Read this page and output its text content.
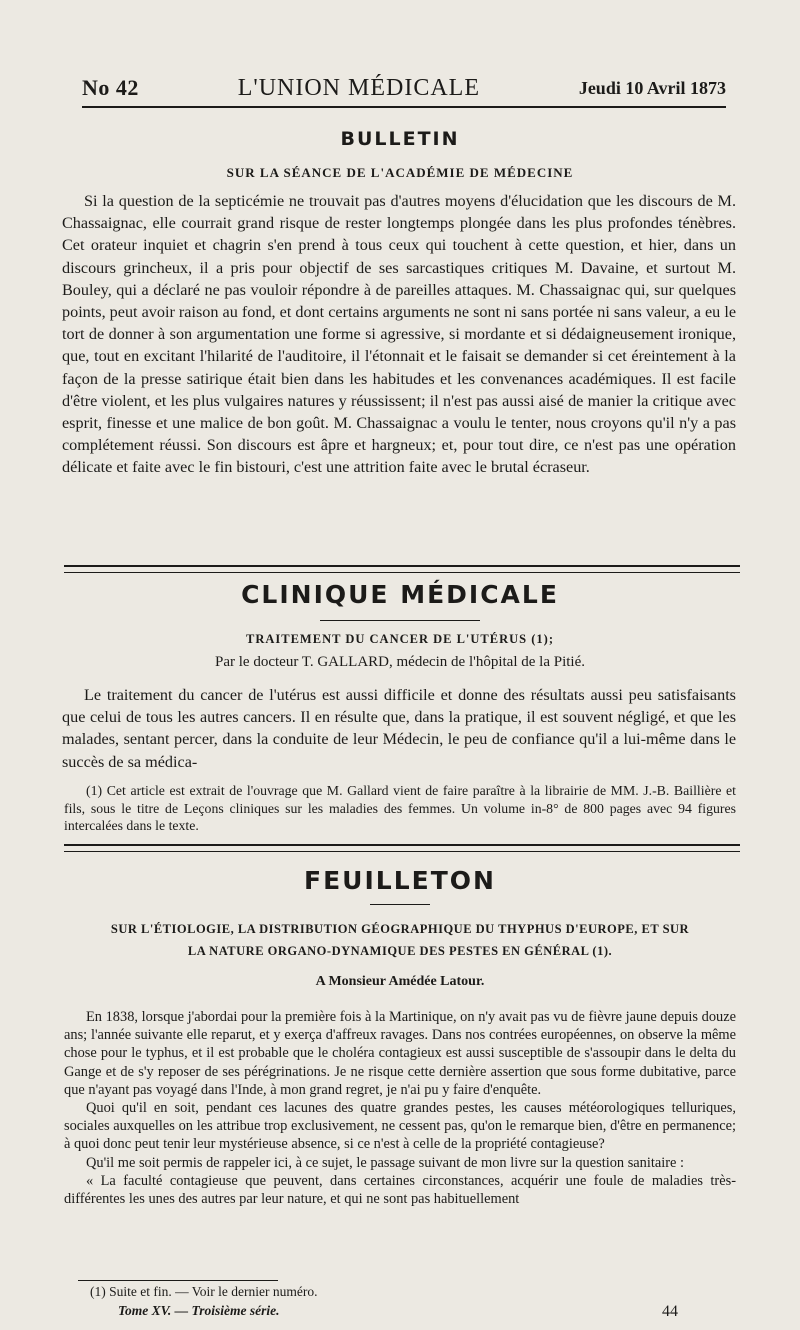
No 42	L'UNION MÉDICALE	Jeudi 10 Avril 1873
BULLETIN
SUR LA SÉANCE DE L'ACADÉMIE DE MÉDECINE

Si la question de la septicémie ne trouvait pas d'autres moyens d'élucidation que les discours de M. Chassaignac, elle courrait grand risque de rester longtemps plongée dans les plus profondes ténèbres. Cet orateur inquiet et chagrin s'en prend à tous ceux qui touchent à cette question, et hier, dans un discours grincheux, il a pris pour objectif de ses sarcastiques critiques M. Davaine, et surtout M. Bouley, qui a déclaré ne pas vouloir répondre à de pareilles attaques. M. Chassaignac qui, sur quelques points, peut avoir raison au fond, et dont certains arguments ne sont ni sans portée ni sans valeur, a eu le tort de donner à son argumentation une forme si agressive, si mordante et si dédaigneusement ironique, que, tout en excitant l'hilarité de l'auditoire, il l'étonnait et le faisait se demander si cet éreintement à la façon de la presse satirique était bien dans les habitudes et les convenances académiques. Il est facile d'être violent, et les plus vulgaires natures y réussissent; il n'est pas aussi aisé de manier la critique avec esprit, finesse et une malice de bon goût. M. Chassaignac a voulu le tenter, nous croyons qu'il n'y a pas complétement réussi. Son discours est âpre et hargneux; et, pour tout dire, ce n'est pas une opération délicate et faite avec le fin bistouri, c'est une attrition faite avec le brutal écraseur.

CLINIQUE MÉDICALE
TRAITEMENT DU CANCER DE L'UTÉRUS (1);
Par le docteur T. GALLARD, médecin de l'hôpital de la Pitié.

Le traitement du cancer de l'utérus est aussi difficile et donne des résultats aussi peu satisfaisants que celui de tous les autres cancers. Il en résulte que, dans la pratique, il est souvent négligé, et que les malades, sentant percer, dans la conduite de leur Médecin, le peu de confiance qu'il a lui-même dans le succès de sa médica-

(1) Cet article est extrait de l'ouvrage que M. Gallard vient de faire paraître à la librairie de MM. J.-B. Baillière et fils, sous le titre de Leçons cliniques sur les maladies des femmes. Un volume in-8° de 800 pages avec 94 figures intercalées dans le texte.

FEUILLETON
SUR L'ÉTIOLOGIE, LA DISTRIBUTION GÉOGRAPHIQUE DU THYPHUS D'EUROPE, ET SUR
LA NATURE ORGANO-DYNAMIQUE DES PESTES EN GÉNÉRAL (1).
A Monsieur Amédée Latour.

En 1838, lorsque j'abordai pour la première fois à la Martinique, on n'y avait pas vu de fièvre jaune depuis douze ans; l'année suivante elle reparut, et y exerça d'affreux ravages. Dans nos contrées européennes, on observe la même chose pour le typhus, et il est probable que le choléra contagieux est aussi susceptible de s'assoupir dans le delta du Gange et de s'y reposer de ses pérégrinations. Je ne risque cette dernière assertion que sous forme dubitative, parce que n'ayant pas voyagé dans l'Inde, à mon grand regret, je n'ai pu y faire d'enquête.

Quoi qu'il en soit, pendant ces lacunes des quatre grandes pestes, les causes météorologiques telluriques, sociales auxquelles on les attribue trop exclusivement, ne cessent pas, qu'on le remarque bien, d'être en permanence; à quoi donc peut tenir leur mystérieuse absence, si ce n'est à celle de la propriété contagieuse?

Qu'il me soit permis de rappeler ici, à ce sujet, le passage suivant de mon livre sur la question sanitaire :

« La faculté contagieuse que peuvent, dans certaines circonstances, acquérir une foule de maladies très-différentes les unes des autres par leur nature, et qui ne sont pas habituellement

(1) Suite et fin. — Voir le dernier numéro.
Tome XV. — Troisième série.	44
